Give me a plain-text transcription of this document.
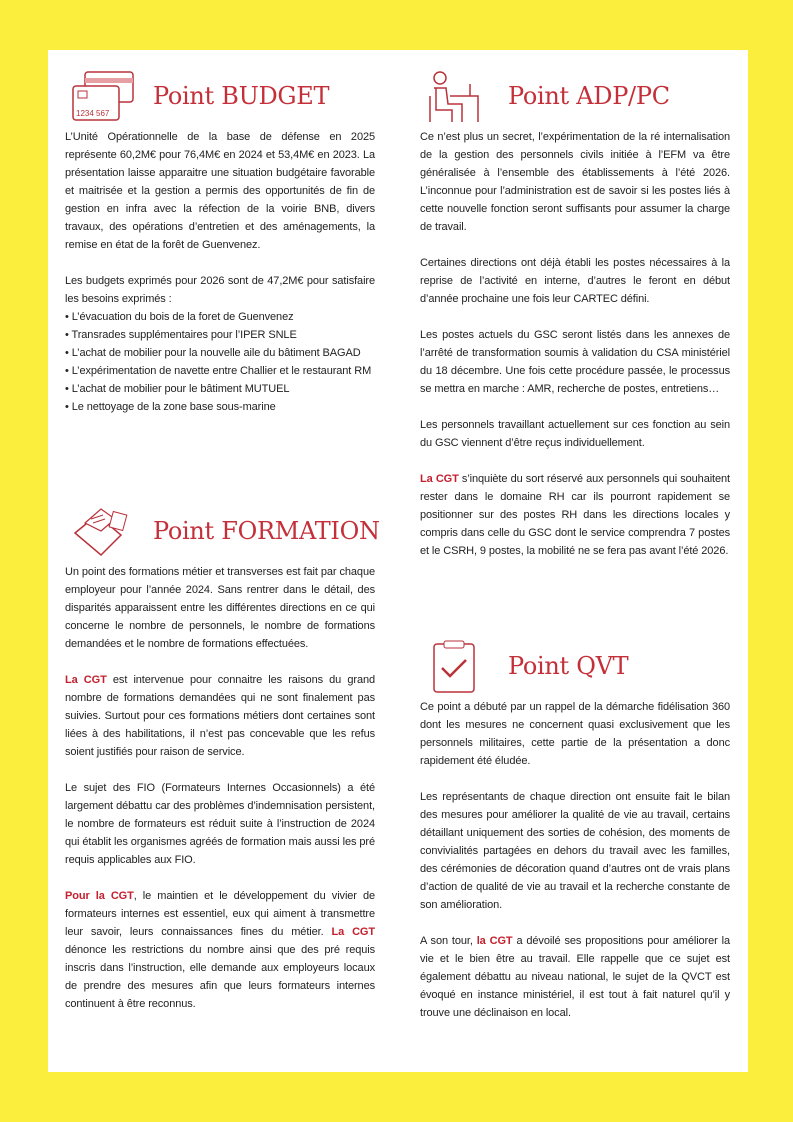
1234 567
Point BUDGET

L’Unité Opérationnelle de la base de défense en 2025 représente 60,2M€ pour 76,4M€ en 2024 et 53,4M€ en 2023. La présentation laisse apparaitre une situation budgétaire favorable et maitrisée et la gestion a permis des opportunités de fin de gestion en infra avec la réfection de la voirie BNB, divers travaux, des opérations d’entretien et des aménagements, la remise en état de la forêt de Guenvenez.

Les budgets exprimés pour 2026 sont de 47,2M€ pour satisfaire les besoins exprimés :

• L’évacuation du bois de la foret de Guenvenez

• Transrades supplémentaires pour l’IPER SNLE

• L’achat de mobilier pour la nouvelle aile du bâtiment BAGAD

• L’expérimentation de navette entre Challier et le restaurant RM

• L’achat de mobilier pour le bâtiment MUTUEL

• Le nettoyage de la zone base sous-marine

Point FORMATION

Un point des formations métier et transverses est fait par chaque employeur pour l’année 2024. Sans rentrer dans le détail, des disparités apparaissent entre les différentes directions en ce qui concerne le nombre de personnels, le nombre de formations demandées et le nombre de formations effectuées.

La CGT est intervenue pour connaitre les raisons du grand nombre de formations demandées qui ne sont finalement pas suivies. Surtout pour ces formations métiers dont certaines sont liées à des habilitations, il n’est pas concevable que les refus soient justifiés pour raison de service.

Le sujet des FIO (Formateurs Internes Occasionnels) a été largement débattu car des problèmes d’indemnisation persistent, le nombre de formateurs est réduit suite à l’instruction de 2024 qui établit les organismes agréés de formation mais aussi les pré requis applicables aux FIO.

Pour la CGT, le maintien et le développement du vivier de formateurs internes est essentiel, eux qui aiment à transmettre leur savoir, leurs connaissances fines du métier. La CGT dénonce les restrictions du nombre ainsi que des pré requis inscris dans l’instruction, elle demande aux employeurs locaux de prendre des mesures afin que leurs formateurs internes continuent à être reconnus.

Point ADP/PC

Ce n’est plus un secret, l’expérimentation de la ré internalisation de la gestion des personnels civils initiée à l’EFM va être généralisée à l’ensemble des établissements à l’été 2026. L’inconnue pour l’administration est de savoir si les postes liés à cette nouvelle fonction seront suffisants pour assumer la charge de travail.

Certaines directions ont déjà établi les postes nécessaires à la reprise de l’activité en interne, d’autres le feront en début d’année prochaine une fois leur CARTEC défini.

Les postes actuels du GSC seront listés dans les annexes de l’arrêté de transformation soumis à validation du CSA ministériel du 18 décembre. Une fois cette procédure passée, le processus se mettra en marche : AMR, recherche de postes, entretiens…

Les personnels travaillant actuellement sur ces fonction au sein du GSC viennent d’être reçus individuellement.

La CGT s’inquiète du sort réservé aux personnels qui souhaitent rester dans le domaine RH car ils pourront rapidement se positionner sur des postes RH dans les directions locales y compris dans celle du GSC dont le service comprendra 7 postes et le CSRH, 9 postes, la mobilité ne se fera pas avant l’été 2026.

Point QVT

Ce point a débuté par un rappel de la démarche fidélisation 360 dont les mesures ne concernent quasi exclusivement que les personnels militaires, cette partie de la présentation a donc rapidement été éludée.

Les représentants de chaque direction ont ensuite fait le bilan des mesures pour améliorer la qualité de vie au travail, certains détaillant uniquement des sorties de cohésion, des moments de convivialités partagées en dehors du travail avec les familles, des cérémonies de décoration quand d’autres ont de vrais plans d’action de qualité de vie au travail et la recherche constante de son amélioration.

A son tour, la CGT a dévoilé ses propositions pour améliorer la vie et le bien être au travail. Elle rappelle que ce sujet est également débattu au niveau national, le sujet de la QVCT est évoqué en instance ministériel, il est tout à fait naturel qu’il y trouve une déclinaison en local.
